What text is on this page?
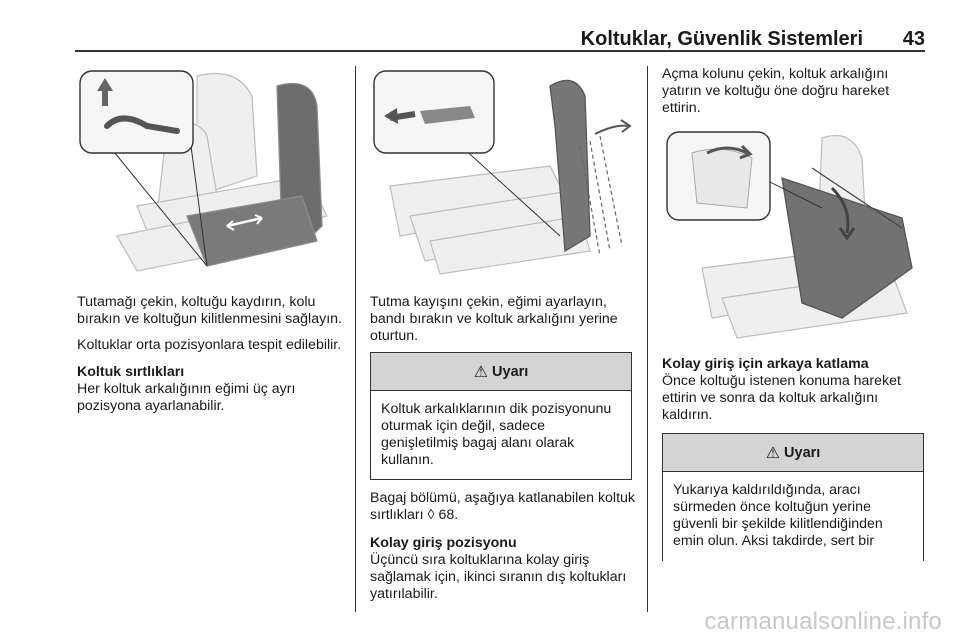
Koltuklar, Güvenlik Sistemleri 43

Tutamağı çekin, koltuğu kaydırın, kolu bırakın ve koltuğun kilitlenmesini sağlayın.

Koltuklar orta pozisyonlara tespit edilebilir.

Koltuk sırtlıkları

Her koltuk arkalığının eğimi üç ayrı pozisyona ayarlanabilir.

Tutma kayışını çekin, eğimi ayarlayın, bandı bırakın ve koltuk arkalığını yerine oturtun.

⚠ Uyarı
Koltuk arkalıklarının dik pozisyonunu oturmak için değil, sadece genişletilmiş bagaj alanı olarak kullanın.

Bagaj bölümü, aşağıya katlanabilen koltuk sırtlıkları ◊ 68.

Kolay giriş pozisyonu

Üçüncü sıra koltuklarına kolay giriş sağlamak için, ikinci sıranın dış koltukları yatırılabilir.

Açma kolunu çekin, koltuk arkalığını yatırın ve koltuğu öne doğru hareket ettirin.

Kolay giriş için arkaya katlama

Önce koltuğu istenen konuma hareket ettirin ve sonra da koltuk arkalığını kaldırın.

⚠ Uyarı
Yukarıya kaldırıldığında, aracı sürmeden önce koltuğun yerine güvenli bir şekilde kilitlendiğinden emin olun. Aksi takdirde, sert bir
carmanualsonline.info
